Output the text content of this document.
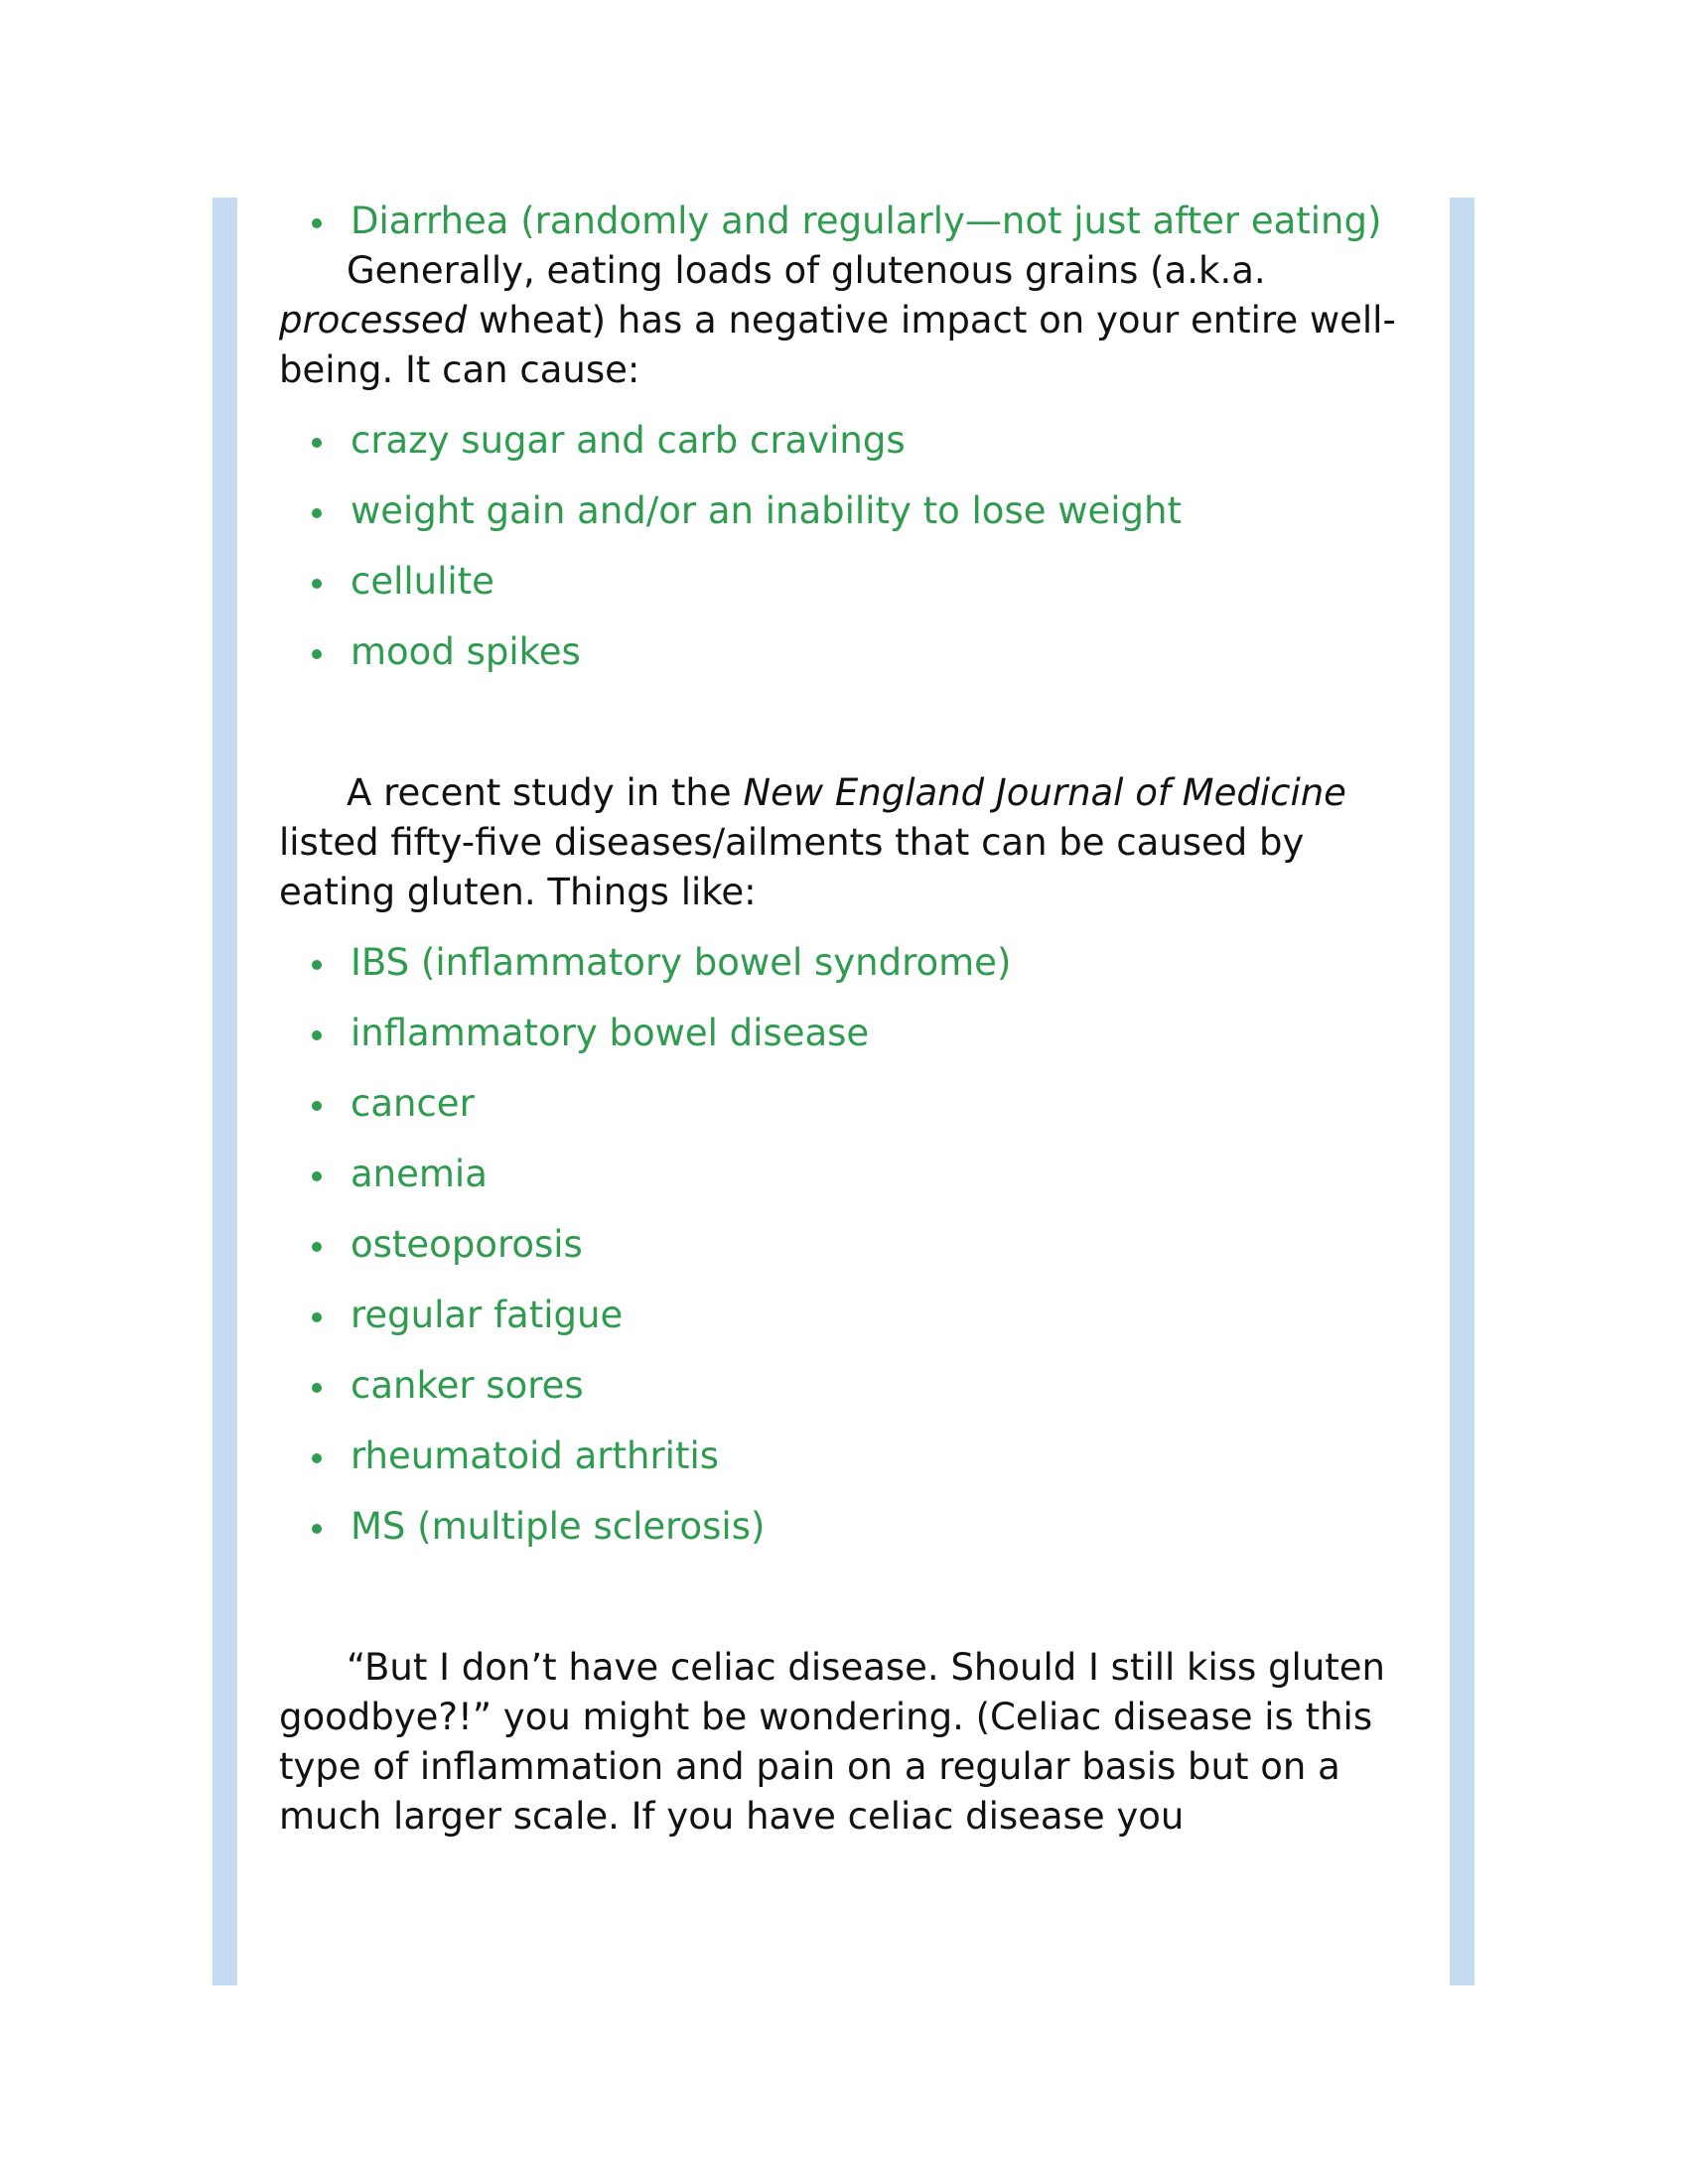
Diarrhea (randomly and regularly—not just after eating)

Generally, eating loads of glutenous grains (a.k.a. processed wheat) has a negative impact on your entire well-being. It can cause:

crazy sugar and carb cravings
weight gain and/or an inability to lose weight
cellulite
mood spikes

A recent study in the New England Journal of Medicine listed fifty-five diseases/ailments that can be caused by eating gluten. Things like:

IBS (inflammatory bowel syndrome)
inflammatory bowel disease
cancer
anemia
osteoporosis
regular fatigue
canker sores
rheumatoid arthritis
MS (multiple sclerosis)

“But I don’t have celiac disease. Should I still kiss gluten goodbye?!” you might be wondering. (Celiac disease is this type of inflammation and pain on a regular basis but on a much larger scale. If you have celiac disease you
